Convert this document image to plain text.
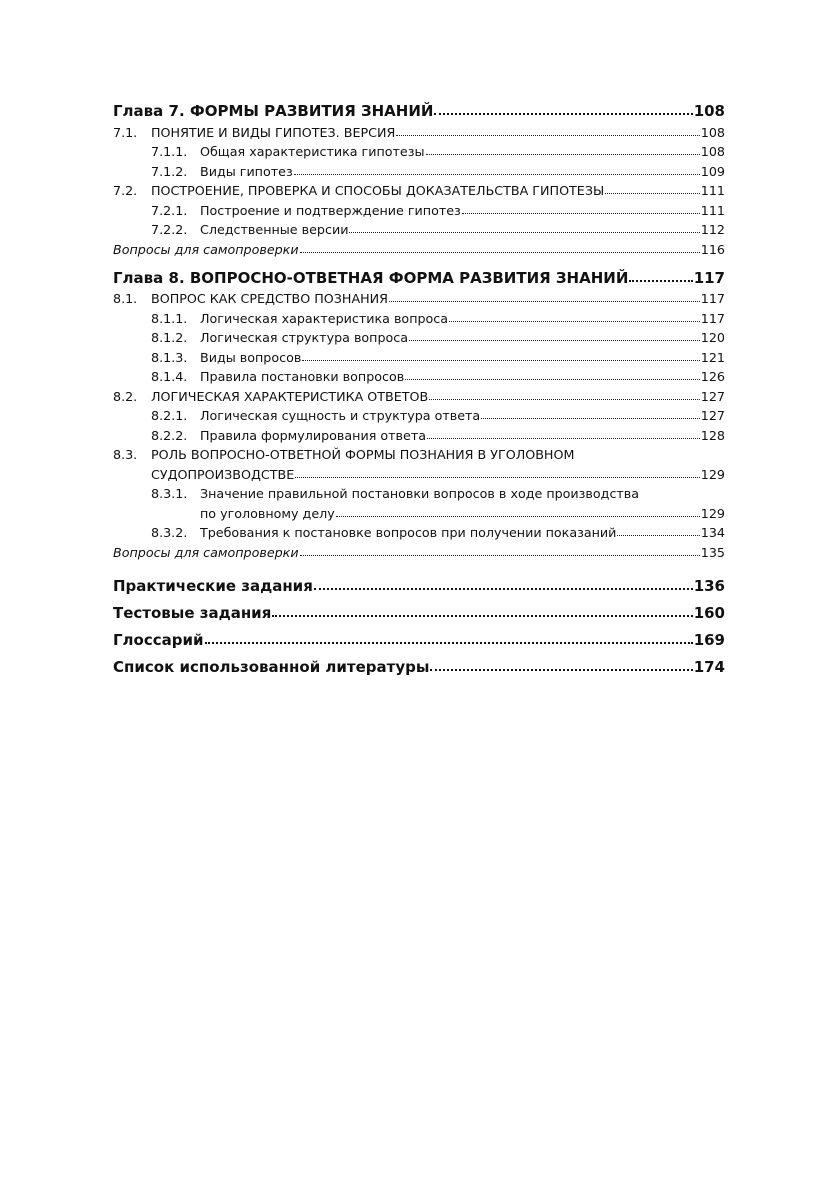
Глава 7. ФОРМЫ РАЗВИТИЯ ЗНАНИЙ	108
7.1.	ПОНЯТИЕ И ВИДЫ ГИПОТЕЗ. ВЕРСИЯ	108
7.1.1. Общая характеристика гипотезы	108
7.1.2. Виды гипотез	109
7.2.	ПОСТРОЕНИЕ, ПРОВЕРКА И СПОСОБЫ ДОКАЗАТЕЛЬСТВА ГИПОТЕЗЫ	111
7.2.1. Построение и подтверждение гипотез	111
7.2.2. Следственные версии	112
Вопросы для самопроверки	116
Глава 8. ВОПРОСНО-ОТВЕТНАЯ ФОРМА РАЗВИТИЯ ЗНАНИЙ	117
8.1.	ВОПРОС КАК СРЕДСТВО ПОЗНАНИЯ	117
8.1.1. Логическая характеристика вопроса	117
8.1.2. Логическая структура вопроса	120
8.1.3. Виды вопросов	121
8.1.4. Правила постановки вопросов	126
8.2.	ЛОГИЧЕСКАЯ ХАРАКТЕРИСТИКА ОТВЕТОВ	127
8.2.1. Логическая сущность и структура ответа	127
8.2.2. Правила формулирования ответа	128
8.3.	РОЛЬ ВОПРОСНО-ОТВЕТНОЙ ФОРМЫ ПОЗНАНИЯ В УГОЛОВНОМ
СУДОПРОИЗВОДСТВЕ	129
8.3.1. Значение правильной постановки вопросов в ходе производства
по уголовному делу	129
8.3.2. Требования к постановке вопросов при получении показаний	134
Вопросы для самопроверки	135
Практические задания	136
Тестовые задания	160
Глоссарий	169
Список использованной литературы	174
